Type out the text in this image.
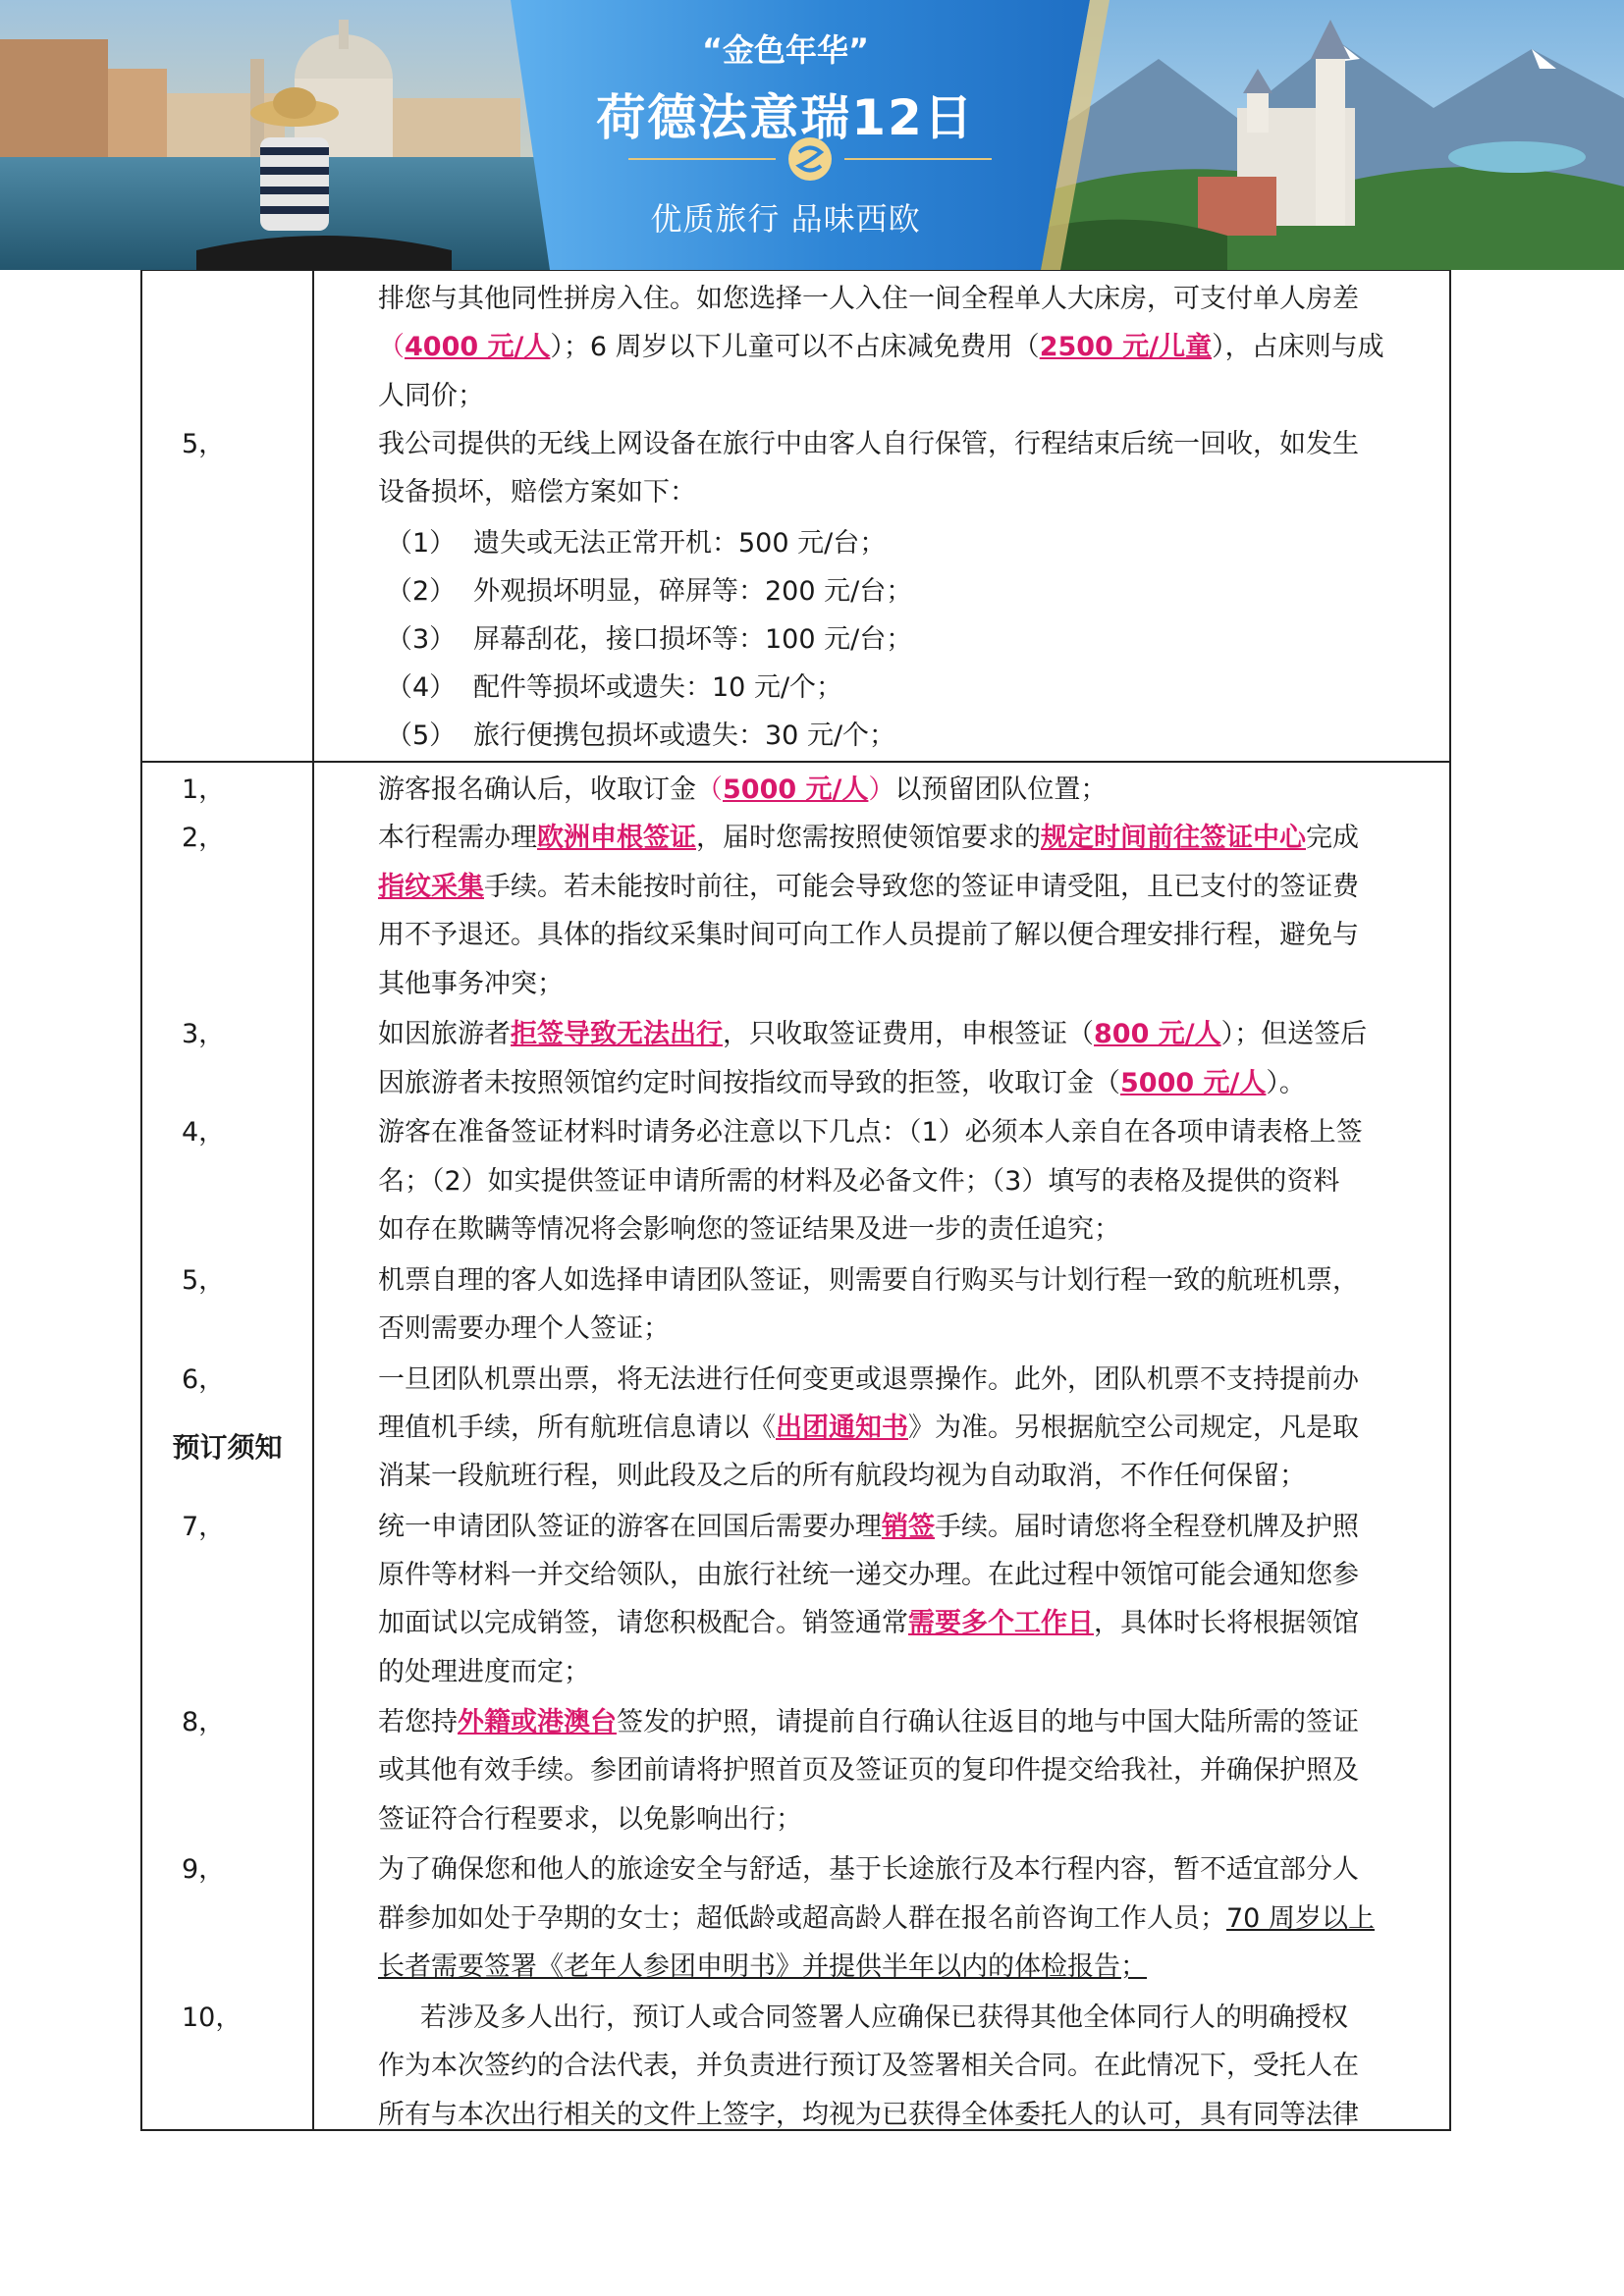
“金色年华”
荷德法意瑞12日
优质旅行 品味西欧
排您与其他同性拼房入住。如您选择一人入住一间全程单人大床房，可支付单人房差
（4000 元/人）；6 周岁以下儿童可以不占床减免费用（2500 元/儿童），占床则与成
人同价；
5，	我公司提供的无线上网设备在旅行中由客人自行保管，行程结束后统一回收，如发生
设备损坏，赔偿方案如下：
（1） 遗失或无法正常开机：500 元/台；
（2） 外观损坏明显，碎屏等：200 元/台；
（3） 屏幕刮花，接口损坏等：100 元/台；
（4） 配件等损坏或遗失：10 元/个；
（5） 旅行便携包损坏或遗失：30 元/个；
预订须知
1，	游客报名确认后，收取订金（5000 元/人）以预留团队位置；
2，	本行程需办理欧洲申根签证，届时您需按照使领馆要求的规定时间前往签证中心完成
指纹采集手续。若未能按时前往，可能会导致您的签证申请受阻，且已支付的签证费
用不予退还。具体的指纹采集时间可向工作人员提前了解以便合理安排行程，避免与
其他事务冲突；
3，	如因旅游者拒签导致无法出行，只收取签证费用，申根签证（800 元/人）；但送签后
因旅游者未按照领馆约定时间按指纹而导致的拒签，收取订金（5000 元/人）。
4，	游客在准备签证材料时请务必注意以下几点：（1）必须本人亲自在各项申请表格上签
名；（2）如实提供签证申请所需的材料及必备文件；（3）填写的表格及提供的资料
如存在欺瞒等情况将会影响您的签证结果及进一步的责任追究；
5，	机票自理的客人如选择申请团队签证，则需要自行购买与计划行程一致的航班机票，
否则需要办理个人签证；
6，	一旦团队机票出票，将无法进行任何变更或退票操作。此外，团队机票不支持提前办
理值机手续，所有航班信息请以《出团通知书》为准。另根据航空公司规定，凡是取
消某一段航班行程，则此段及之后的所有航段均视为自动取消，不作任何保留；
7，	统一申请团队签证的游客在回国后需要办理销签手续。届时请您将全程登机牌及护照
原件等材料一并交给领队，由旅行社统一递交办理。在此过程中领馆可能会通知您参
加面试以完成销签，请您积极配合。销签通常需要多个工作日，具体时长将根据领馆
的处理进度而定；
8，	若您持外籍或港澳台签发的护照，请提前自行确认往返目的地与中国大陆所需的签证
或其他有效手续。参团前请将护照首页及签证页的复印件提交给我社，并确保护照及
签证符合行程要求，以免影响出行；
9，	为了确保您和他人的旅途安全与舒适，基于长途旅行及本行程内容，暂不适宜部分人
群参加如处于孕期的女士；超低龄或超高龄人群在报名前咨询工作人员；70 周岁以上
长者需要签署《老年人参团申明书》并提供半年以内的体检报告；
10，	若涉及多人出行，预订人或合同签署人应确保已获得其他全体同行人的明确授权
作为本次签约的合法代表，并负责进行预订及签署相关合同。在此情况下，受托人在
所有与本次出行相关的文件上签字，均视为已获得全体委托人的认可，具有同等法律
